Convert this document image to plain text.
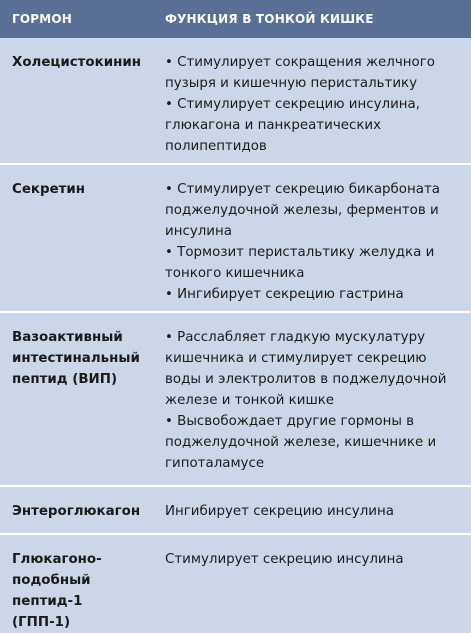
ГОРМОН	ФУНКЦИЯ В ТОНКОЙ КИШКЕ
Холецистокинин	• Стимулирует сокращения желчного пузыря и кишечную перистальтику
• Стимулирует секрецию инсулина, глюкагона и панкреатических полипептидов

Секретин	• Стимулирует секрецию бикарбоната поджелудочной железы, ферментов и инсулина
• Тормозит перистальтику желудка и тонкого кишечника
• Ингибирует секрецию гастрина

Вазоактивный интестинальный пептид (ВИП)	• Расслабляет гладкую мускулатуру кишечника и стимулирует секрецию воды и электролитов в поджелудочной железе и тонкой кишке
• Высвобождает другие гормоны в поджелудочной железе, кишечнике и гипоталамусе

Энтероглюкагон	Ингибирует секрецию инсулина

Глюкагоно-подобный пептид-1 (ГПП-1)	Стимулирует секрецию инсулина
